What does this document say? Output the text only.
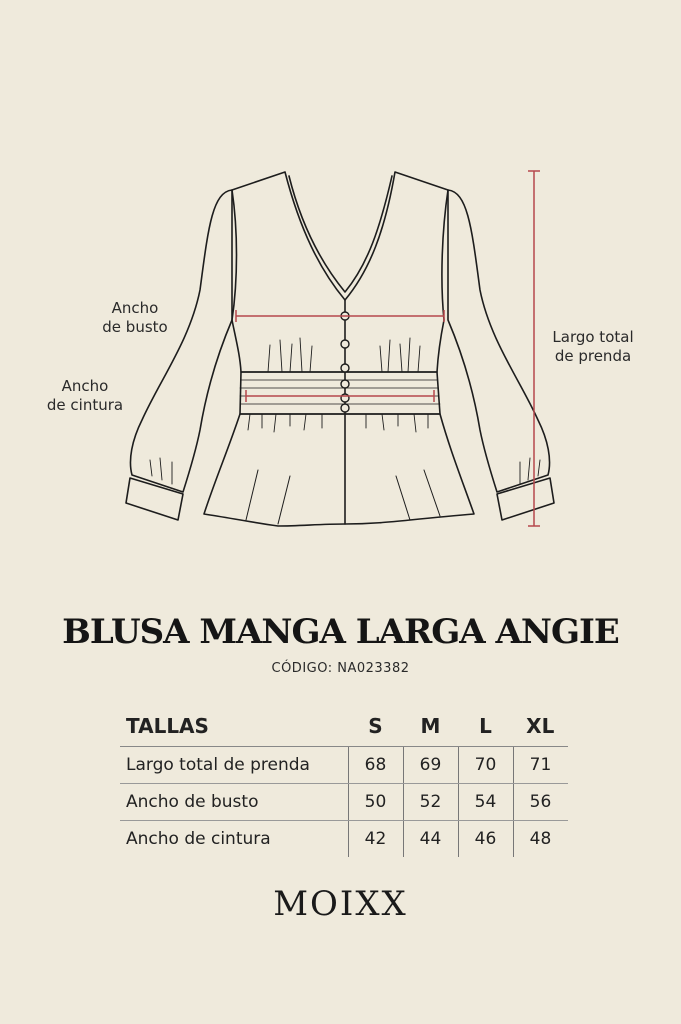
Ancho
de busto
Ancho
de cintura
Largo total
de prenda
BLUSA MANGA LARGA ANGIE
CÓDIGO: NA023382
TALLAS	S	M	L	XL
Largo total de prenda	68	69	70	71
Ancho de busto	50	52	54	56
Ancho de cintura	42	44	46	48
MOIXX
